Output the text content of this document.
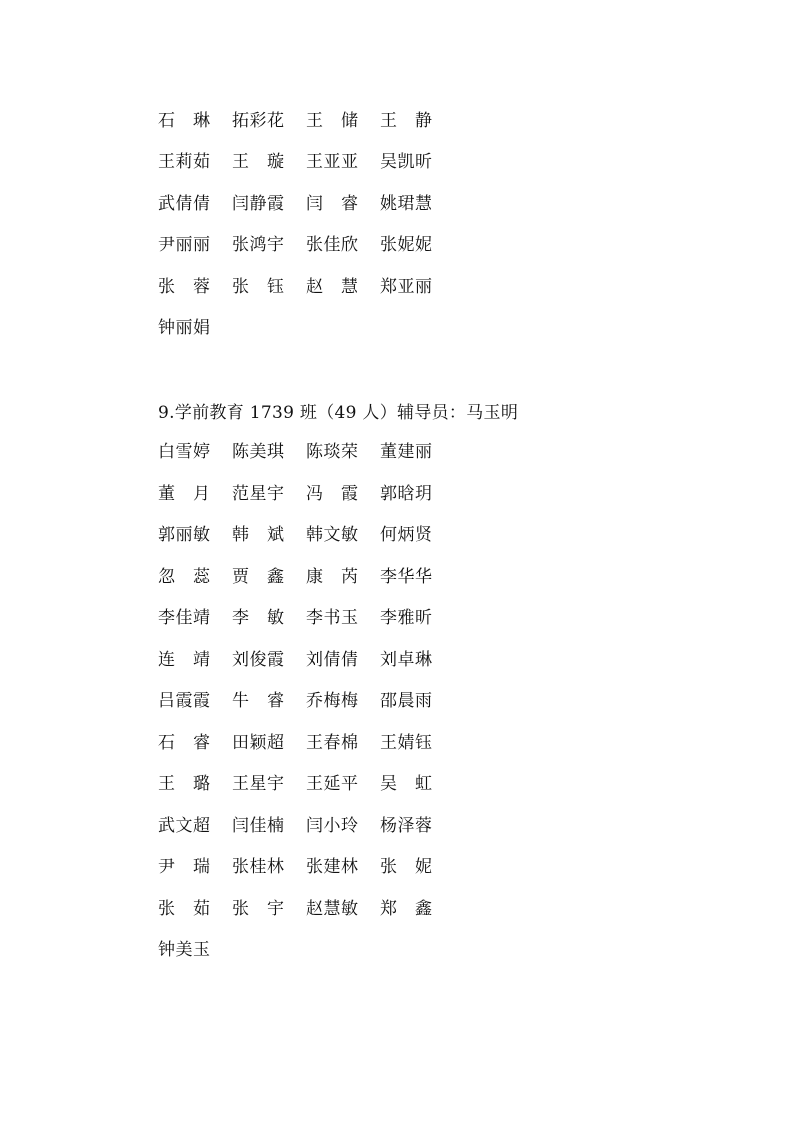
石　琳	拓彩花	王　储	王　静
王莉茹	王　璇	王亚亚	吴凯昕
武倩倩	闫静霞	闫　睿	姚珺慧
尹丽丽	张鸿宇	张佳欣	张妮妮
张　蓉	张　钰	赵　慧	郑亚丽
钟丽娟
9.学前教育 1739 班（49 人）辅导员：马玉明
白雪婷	陈美琪	陈琰荣	董建丽
董　月	范星宇	冯　霞	郭晗玥
郭丽敏	韩　斌	韩文敏	何炳贤
忽　蕊	贾　鑫	康　芮	李华华
李佳靖	李　敏	李书玉	李雅昕
连　靖	刘俊霞	刘倩倩	刘卓琳
吕霞霞	牛　睿	乔梅梅	邵晨雨
石　睿	田颖超	王春棉	王婧钰
王　璐	王星宇	王延平	吴　虹
武文超	闫佳楠	闫小玲	杨泽蓉
尹　瑞	张桂林	张建林	张　妮
张　茹	张　宇	赵慧敏	郑　鑫
钟美玉
